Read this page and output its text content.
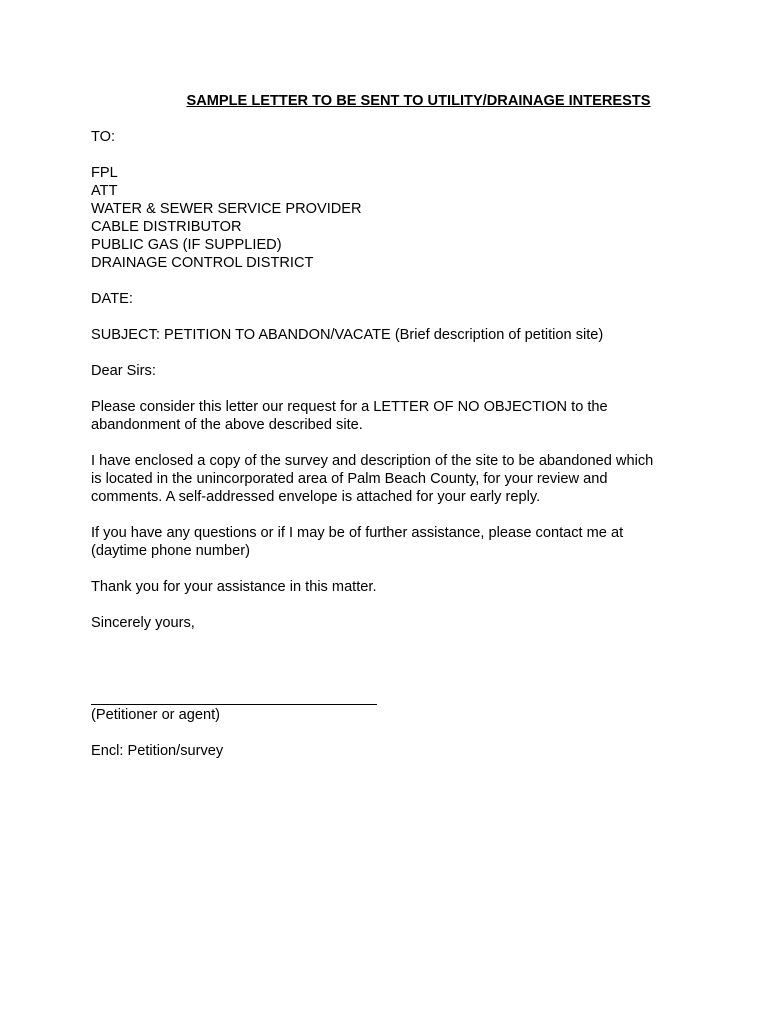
SAMPLE LETTER TO BE SENT TO UTILITY/DRAINAGE INTERESTS
TO:
FPL
ATT
WATER & SEWER SERVICE PROVIDER
CABLE DISTRIBUTOR
PUBLIC GAS (IF SUPPLIED)
DRAINAGE CONTROL DISTRICT
DATE:
SUBJECT: PETITION TO ABANDON/VACATE (Brief description of petition site)
Dear Sirs:
Please consider this letter our request for a LETTER OF NO OBJECTION to the
abandonment of the above described site.
I have enclosed a copy of the survey and description of the site to be abandoned which
is located in the unincorporated area of Palm Beach County, for your review and
comments. A self-addressed envelope is attached for your early reply.
If you have any questions or if I may be of further assistance, please contact me at
(daytime phone number)
Thank you for your assistance in this matter.
Sincerely yours,
(Petitioner or agent)
Encl: Petition/survey
